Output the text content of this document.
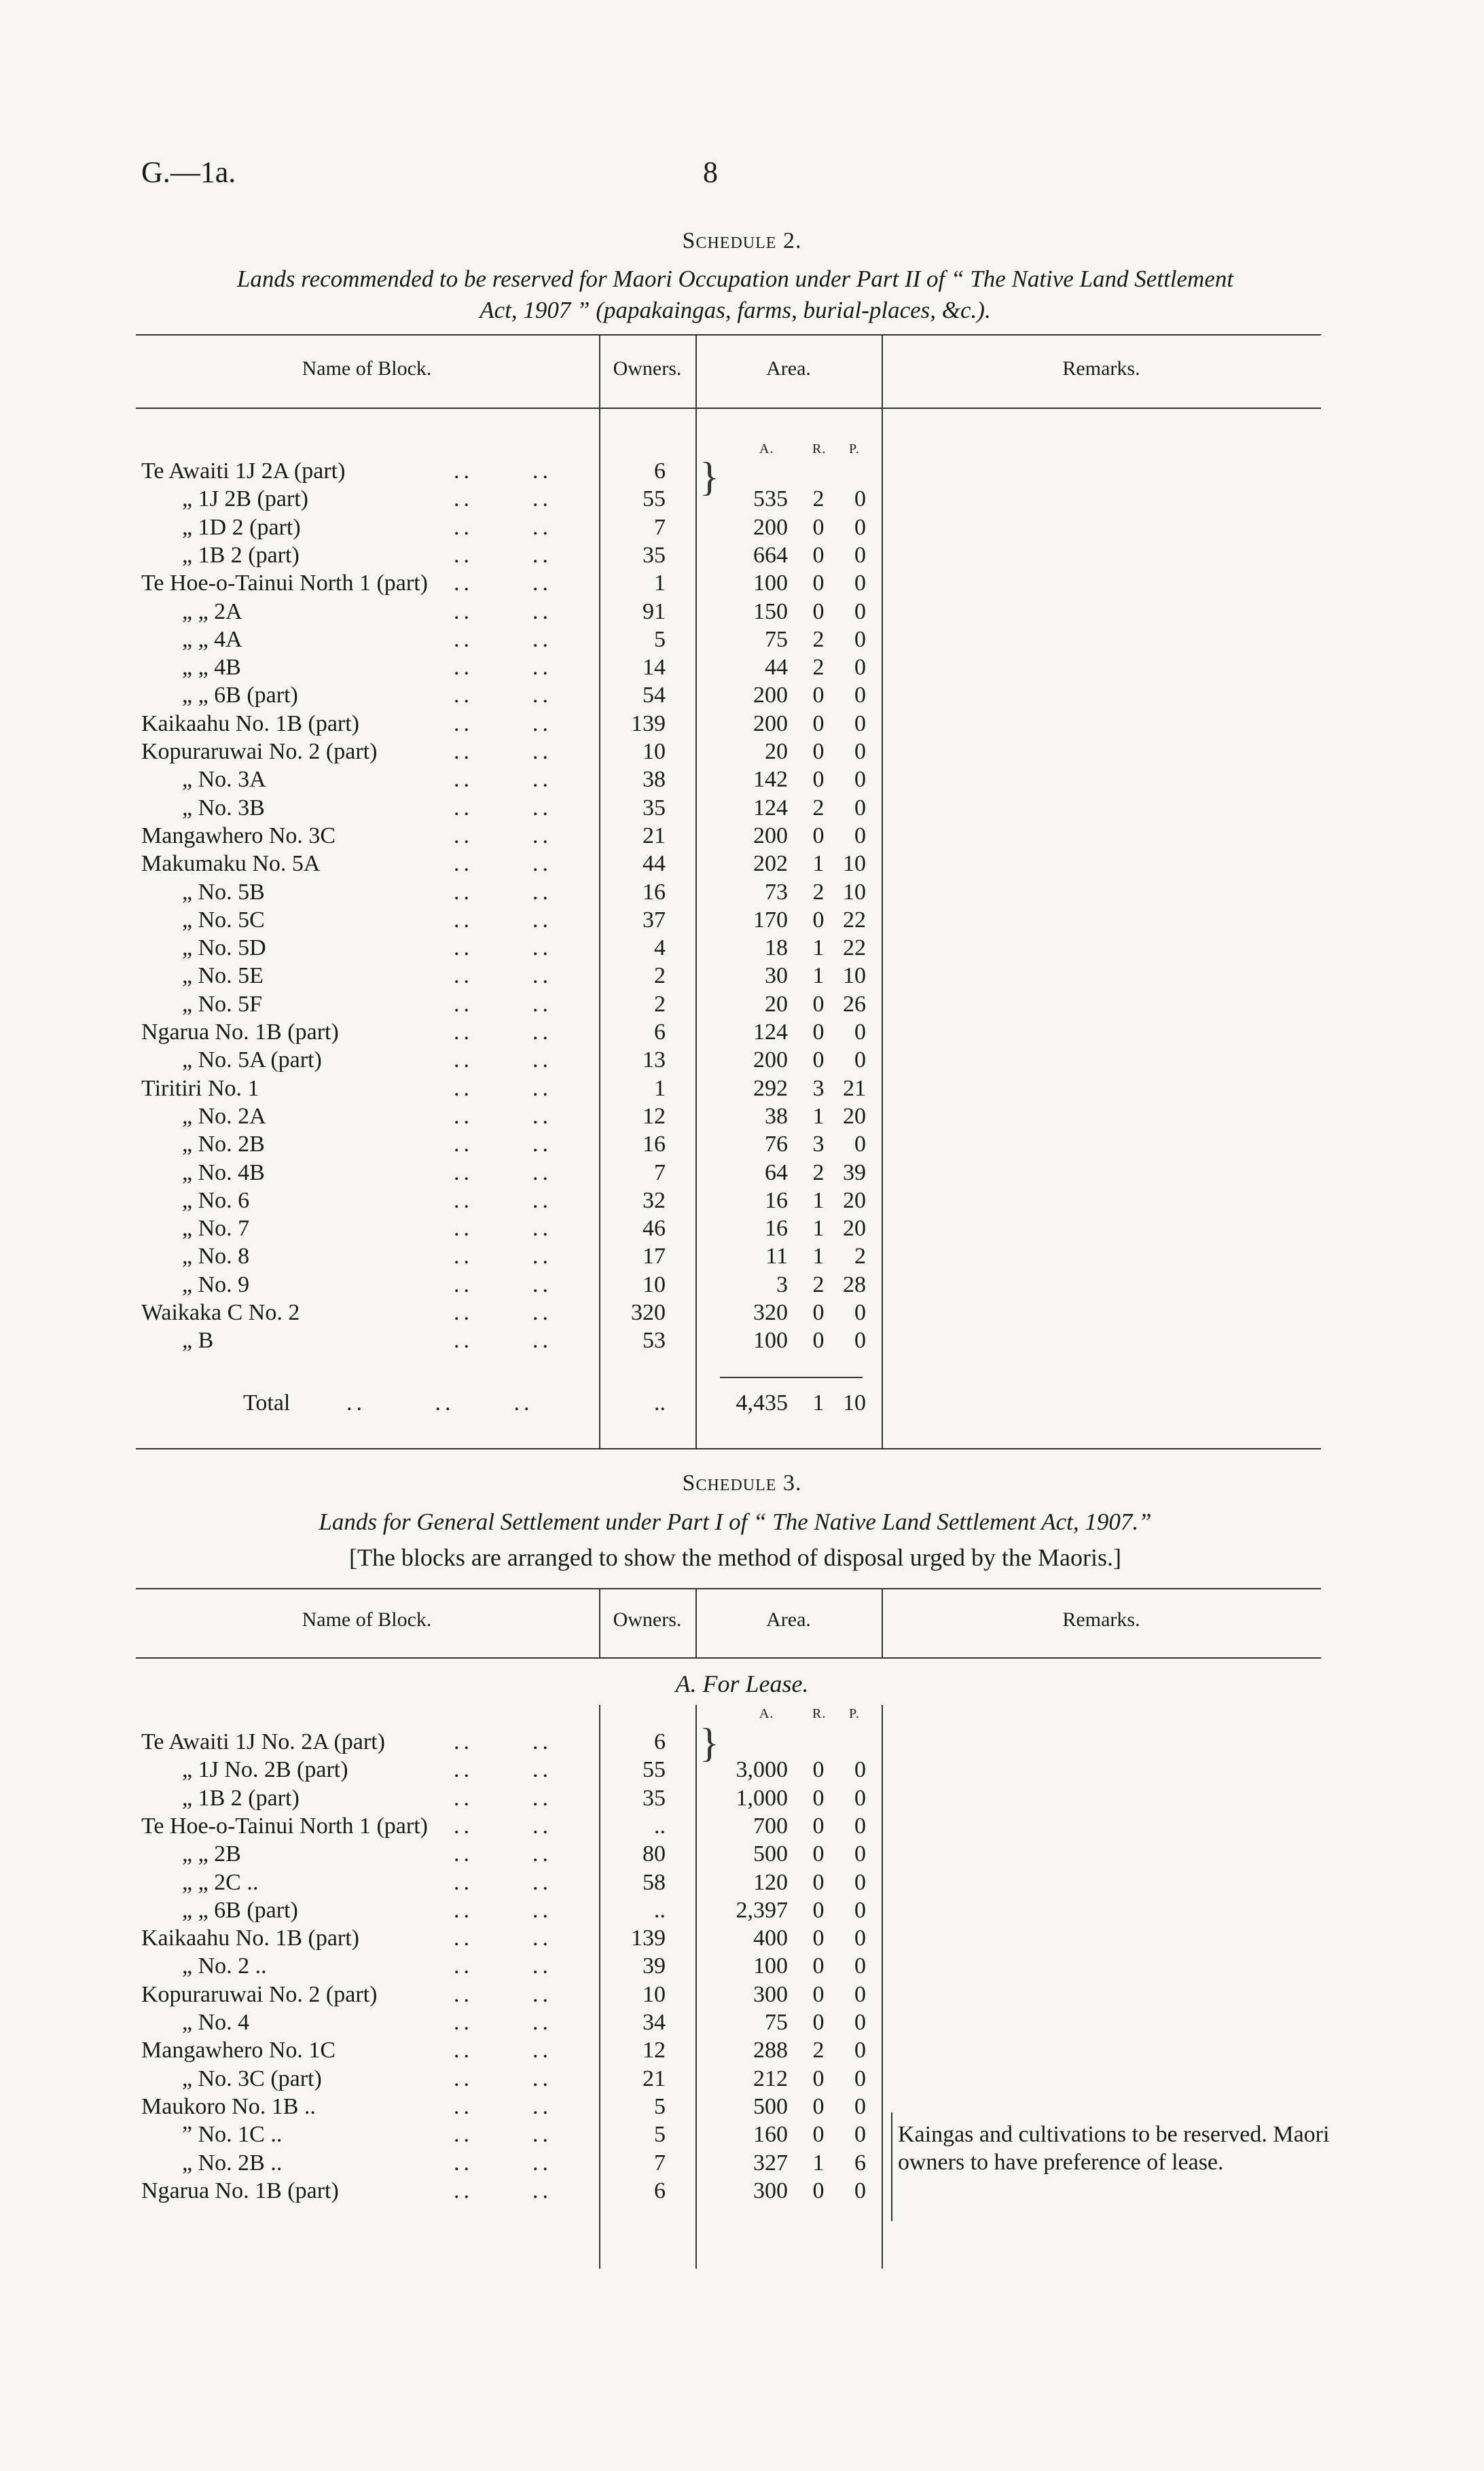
G.—1a.	8
Schedule 2.
Lands recommended to be reserved for Maori Occupation under Part II of “ The Native Land Settlement
Act, 1907 ” (papakaingas, farms, burial-places, &c.).
Name of Block.	Owners.	Area.	Remarks.
A.	R. P.
Te Awaiti 1J 2A (part)	6
..      ..
„ 1J 2B (part)	55	535 2	0
..      ..
„ 1D 2 (part)	7	200 0	0
..      ..
„ 1B 2 (part)	35	664 0	0
..      ..
Te Hoe-o-Tainui North 1 (part)	1	100 0	0
..      ..
„ „ 2A	91	150 0	0
..      ..
„ „ 4A	5	75 2	0
..      ..
„ „ 4B	14	44 2	0
..      ..
„ „ 6B (part)	54	200 0	0
..      ..
Kaikaahu No. 1B (part)	139	200 0	0
..      ..
Kopuraruwai No. 2 (part)	10	20 0	0
..      ..
„ No. 3A	38	142 0	0
..      ..
„ No. 3B	35	124 2	0
..      ..
Mangawhero No. 3C	21	200 0	0
..      ..
Makumaku No. 5A	44	202 1 10
..      ..
„ No. 5B	16	73 2 10
..      ..
„ No. 5C	37	170 0 22
..      ..
„ No. 5D	4	18 1 22
..      ..
„ No. 5E	2	30 1 10
..      ..
„ No. 5F	2	20 0 26
..      ..
Ngarua No. 1B (part)	6	124 0	0
..      ..
„ No. 5A (part)	13	200 0	0
..      ..
Tiritiri No. 1	1	292 3 21
..      ..
„ No. 2A	12	38 1 20
..      ..
„ No. 2B	16	76 3	0
..      ..
„ No. 4B	7	64 2 39
..      ..
„ No. 6	32	16 1 20
..      ..
„ No. 7	46	16 1 20
..      ..
„ No. 8	17	11 1	2
..      ..
„ No. 9	10	3 2 28
..      ..
Waikaka C No. 2	320	320 0	0
..      ..
„ B	53	100 0	0
..      ..
}
Total ..       ..      ..	..	4,435 1 10
Schedule 3.
Lands for General Settlement under Part I of “ The Native Land Settlement Act, 1907.”
[The blocks are arranged to show the method of disposal urged by the Maoris.]
Name of Block.	Owners.	Area.	Remarks.
A. For Lease.
A.	R. P.
Te Awaiti 1J No. 2A (part)	6
..      ..
„ 1J No. 2B (part)	55	3,000 0	0
..      ..
„ 1B 2 (part)	35	1,000 0	0
..      ..
Te Hoe-o-Tainui North 1 (part)	..	700 0	0
..      ..
„ „ 2B	80	500 0	0
..      ..
„ „ 2C ..	58	120 0	0
..      ..
„ „ 6B (part)	..	2,397 0	0
..      ..
Kaikaahu No. 1B (part)	139	400 0	0
..      ..
„ No. 2 ..	39	100 0	0
..      ..
Kopuraruwai No. 2 (part)	10	300 0	0
..      ..
„ No. 4	34	75 0	0
..      ..
Mangawhero No. 1C	12	288 2	0
..      ..
„ No. 3C (part)	21	212 0	0
..      ..
Maukoro No. 1B ..	5	500 0	0
..      ..
” No. 1C ..	5	160 0	0
..      ..
„ No. 2B ..	7	327 1	6
..      ..
Ngarua No. 1B (part)	6	300 0	0
..      ..
}
Kaingas and cultivations to be reserved. Maori owners to have preference of lease.
